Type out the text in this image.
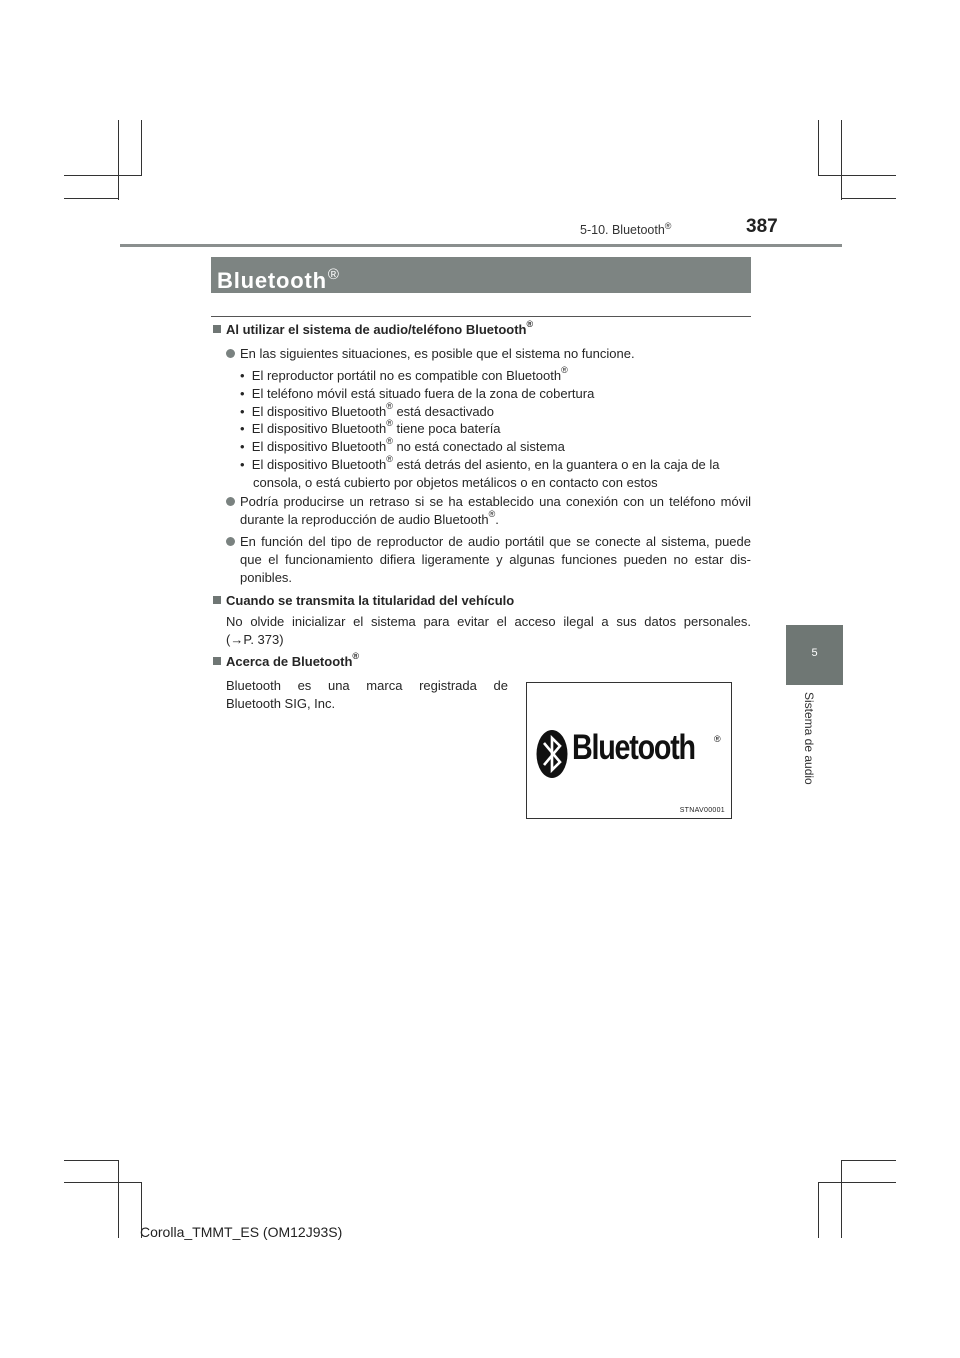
5-10. Bluetooth®	387
Bluetooth®
5
Sistema de audio
Al utilizar el sistema de audio/teléfono Bluetooth®
En las siguientes situaciones, es posible que el sistema no funcione.
•  El reproductor portátil no es compatible con Bluetooth®
•  El teléfono móvil está situado fuera de la zona de cobertura
•  El dispositivo Bluetooth® está desactivado
•  El dispositivo Bluetooth® tiene poca batería
•  El dispositivo Bluetooth® no está conectado al sistema
•  El dispositivo Bluetooth® está detrás del asiento, en la guantera o en la caja de la
consola, o está cubierto por objetos metálicos o en contacto con estos
Podría producirse un retraso si se ha establecido una conexión con un teléfono móvil
durante la reproducción de audio Bluetooth®.
En función del tipo de reproductor de audio portátil que se conecte al sistema, puede
que el funcionamiento difiera ligeramente y algunas funciones pueden no estar dis-
ponibles.
Cuando se transmita la titularidad del vehículo
No olvide inicializar el sistema para evitar el acceso ilegal a sus datos personales.
(→P. 373)
Acerca de Bluetooth®
Bluetooth es una marca registrada de
Bluetooth SIG, Inc.
Bluetooth ®
STNAV00001
Corolla_TMMT_ES (OM12J93S)
